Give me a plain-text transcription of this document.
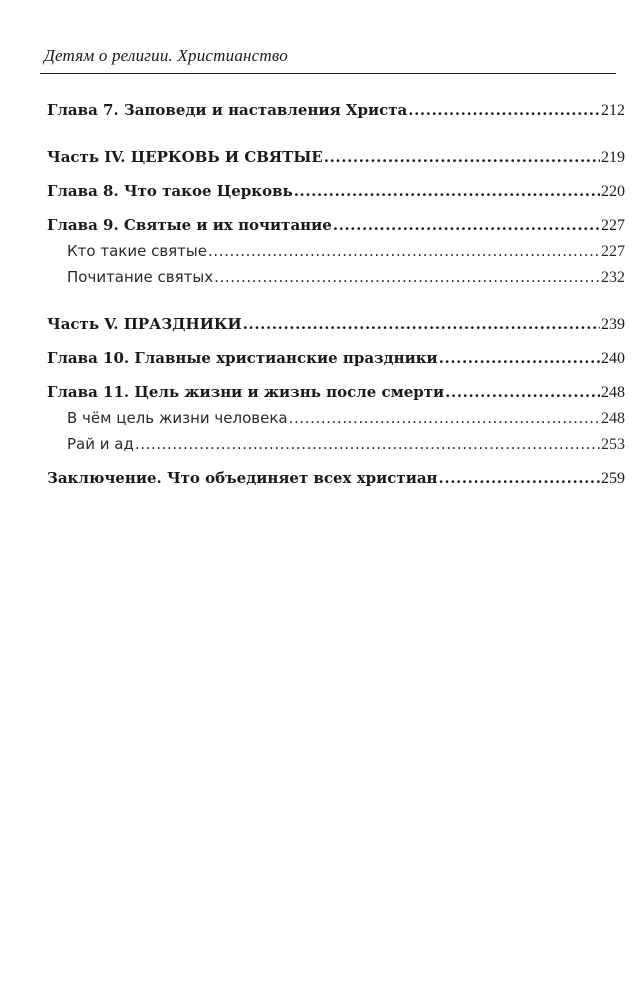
Детям о религии. Христианство
Глава 7. Заповеди и наставления Христа .....	212
Часть IV. ЦЕРКОВЬ И СВЯТЫЕ .....	219
Глава 8. Что такое Церковь .....	220
Глава 9. Святые и их почитание .....	227
Кто такие святые .....	227
Почитание святых .....	232
Часть V. ПРАЗДНИКИ .....	239
Глава 10. Главные христианские праздники .....	240
Глава 11. Цель жизни и жизнь после смерти .....	248
В чём цель жизни человека .....	248
Рай и ад .....	253
Заключение. Что объединяет всех христиан .....	259
